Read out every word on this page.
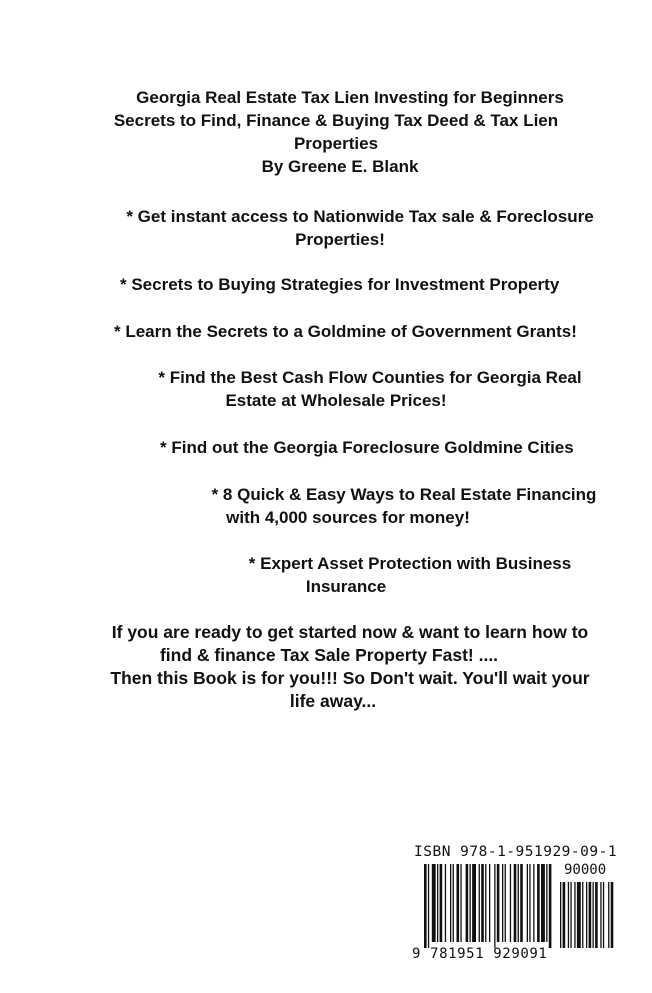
Georgia Real Estate Tax Lien Investing for Beginners
Secrets to Find, Finance & Buying Tax Deed & Tax Lien
Properties
By Greene E. Blank
* Get instant access to Nationwide Tax sale & Foreclosure
Properties!
* Secrets to Buying Strategies for Investment Property
* Learn the Secrets to a Goldmine of Government Grants!
* Find the Best Cash Flow Counties for Georgia Real
Estate at Wholesale Prices!
* Find out the Georgia Foreclosure Goldmine Cities
* 8 Quick & Easy Ways to Real Estate Financing
with 4,000 sources for money!
* Expert Asset Protection with Business
Insurance
If you are ready to get started now & want to learn how to
find & finance Tax Sale Property Fast! ....
Then this Book is for you!!! So Don't wait. You'll wait your
life away...
ISBN 978-1-951929-09-1
90000
9 781951 929091
